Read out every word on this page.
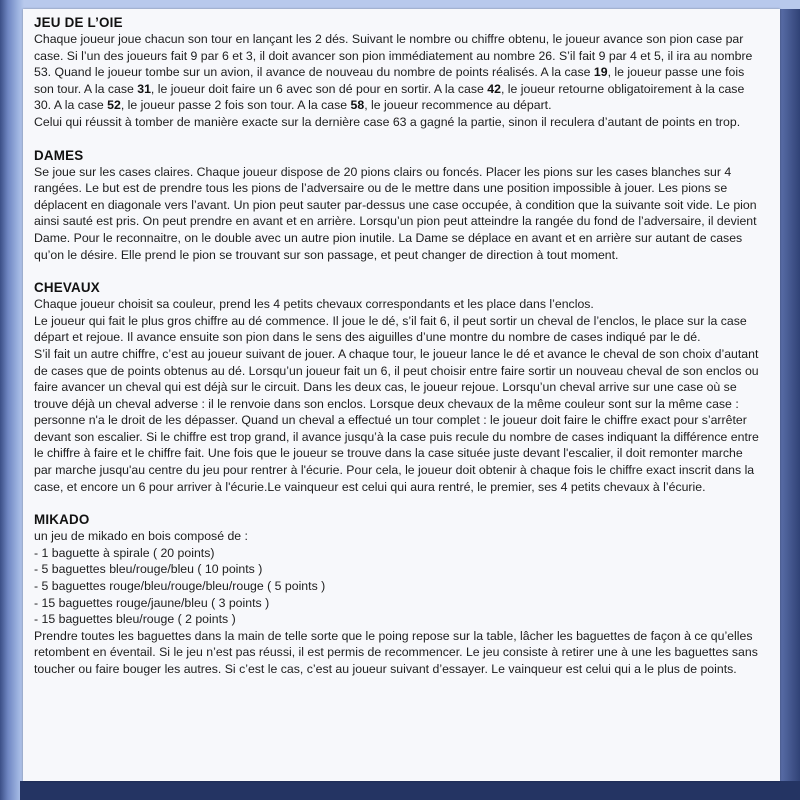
JEU DE L’OIE

Chaque joueur joue chacun son tour en lançant les 2 dés. Suivant le nombre ou chiffre obtenu, le joueur avance son pion case par case. Si l’un des joueurs fait 9 par 6 et 3, il doit avancer son pion immédiatement au nombre 26. S’il fait 9 par 4 et 5, il ira au nombre 53. Quand le joueur tombe sur un avion, il avance de nouveau du nombre de points réalisés. A la case 19, le joueur passe une fois son tour. A la case 31, le joueur doit faire un 6 avec son dé pour en sortir. A la case 42, le joueur retourne obligatoirement à la case 30. A la case 52, le joueur passe 2 fois son tour. A la case 58, le joueur recommence au départ.

Celui qui réussit à tomber de manière exacte sur la dernière case 63 a gagné la partie, sinon il reculera d’autant de points en trop.

DAMES

Se joue sur les cases claires. Chaque joueur dispose de 20 pions clairs ou foncés. Placer les pions sur les cases blanches sur 4 rangées. Le but est de prendre tous les pions de l’adversaire ou de le mettre dans une position impossible à jouer. Les pions se déplacent en diagonale vers l’avant. Un pion peut sauter par-dessus une case occupée, à condition que la suivante soit vide. Le pion ainsi sauté est pris. On peut prendre en avant et en arrière. Lorsqu’un pion peut atteindre la rangée du fond de l’adversaire, il devient Dame. Pour le reconnaitre, on le double avec un autre pion inutile. La Dame se déplace en avant et en arrière sur autant de cases qu’on le désire. Elle prend le pion se trouvant sur son passage, et peut changer de direction à tout moment.

CHEVAUX

Chaque joueur choisit sa couleur, prend les 4 petits chevaux correspondants et les place dans l’enclos.

Le joueur qui fait le plus gros chiffre au dé commence. Il joue le dé, s’il fait 6, il peut sortir un cheval de l’enclos, le place sur la case départ et rejoue. Il avance ensuite son pion dans le sens des aiguilles d’une montre du nombre de cases indiqué par le dé.

S’il fait un autre chiffre, c’est au joueur suivant de jouer. A chaque tour, le joueur lance le dé et avance le cheval de son choix d’autant de cases que de points obtenus au dé. Lorsqu’un joueur fait un 6, il peut choisir entre faire sortir un nouveau cheval de son enclos ou faire avancer un cheval qui est déjà sur le circuit. Dans les deux cas, le joueur rejoue. Lorsqu’un cheval arrive sur une case où se trouve déjà un cheval adverse : il le renvoie dans son enclos. Lorsque deux chevaux de la même couleur sont sur la même case : personne n'a le droit de les dépasser. Quand un cheval a effectué un tour complet : le joueur doit faire le chiffre exact pour s’arrêter devant son escalier. Si le chiffre est trop grand, il avance jusqu’à la case puis recule du nombre de cases indiquant la différence entre le chiffre à faire et le chiffre fait. Une fois que le joueur se trouve dans la case située juste devant l'escalier, il doit remonter marche par marche jusqu'au centre du jeu pour rentrer à l'écurie. Pour cela, le joueur doit obtenir à chaque fois le chiffre exact inscrit dans la case, et encore un 6 pour arriver à l'écurie.Le vainqueur est celui qui aura rentré, le premier, ses 4 petits chevaux à l’écurie.

MIKADO

un jeu de mikado en bois composé de :

- 1 baguette à spirale ( 20 points)
- 5 baguettes bleu/rouge/bleu ( 10 points )
- 5 baguettes rouge/bleu/rouge/bleu/rouge ( 5 points )
- 15 baguettes rouge/jaune/bleu ( 3 points )
- 15 baguettes bleu/rouge ( 2 points )

Prendre toutes les baguettes dans la main de telle sorte que le poing repose sur la table, lâcher les baguettes de façon à ce qu’elles retombent en éventail. Si le jeu n’est pas réussi, il est permis de recommencer. Le jeu consiste à retirer une à une les baguettes sans toucher ou faire bouger les autres. Si c’est le cas, c’est au joueur suivant d’essayer. Le vainqueur est celui qui a le plus de points.
